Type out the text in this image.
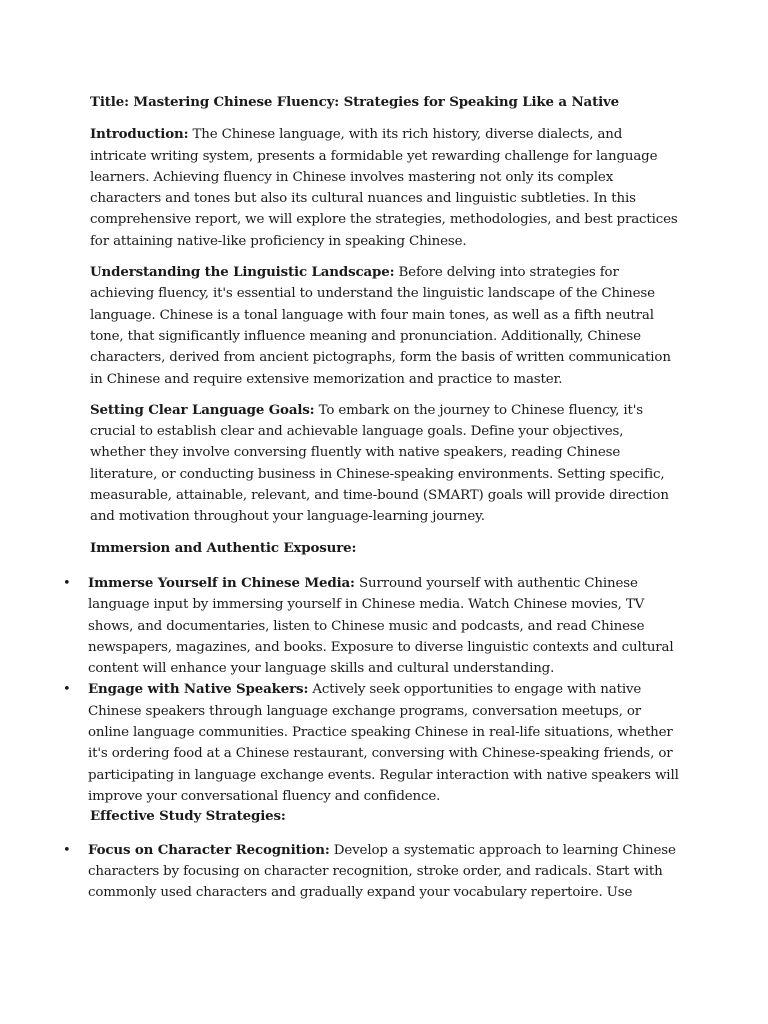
Title: Mastering Chinese Fluency: Strategies for Speaking Like a Native

Introduction: The Chinese language, with its rich history, diverse dialects, and intricate writing system, presents a formidable yet rewarding challenge for language learners. Achieving fluency in Chinese involves mastering not only its complex characters and tones but also its cultural nuances and linguistic subtleties. In this comprehensive report, we will explore the strategies, methodologies, and best practices for attaining native-like proficiency in speaking Chinese.

Understanding the Linguistic Landscape: Before delving into strategies for achieving fluency, it's essential to understand the linguistic landscape of the Chinese language. Chinese is a tonal language with four main tones, as well as a fifth neutral tone, that significantly influence meaning and pronunciation. Additionally, Chinese characters, derived from ancient pictographs, form the basis of written communication in Chinese and require extensive memorization and practice to master.

Setting Clear Language Goals: To embark on the journey to Chinese fluency, it's crucial to establish clear and achievable language goals. Define your objectives, whether they involve conversing fluently with native speakers, reading Chinese literature, or conducting business in Chinese-speaking environments. Setting specific, measurable, attainable, relevant, and time-bound (SMART) goals will provide direction and motivation throughout your language-learning journey.

Immersion and Authentic Exposure:

• Immerse Yourself in Chinese Media: Surround yourself with authentic Chinese language input by immersing yourself in Chinese media. Watch Chinese movies, TV shows, and documentaries, listen to Chinese music and podcasts, and read Chinese newspapers, magazines, and books. Exposure to diverse linguistic contexts and cultural content will enhance your language skills and cultural understanding.
• Engage with Native Speakers: Actively seek opportunities to engage with native Chinese speakers through language exchange programs, conversation meetups, or online language communities. Practice speaking Chinese in real-life situations, whether it's ordering food at a Chinese restaurant, conversing with Chinese-speaking friends, or participating in language exchange events. Regular interaction with native speakers will improve your conversational fluency and confidence.

Effective Study Strategies:

• Focus on Character Recognition: Develop a systematic approach to learning Chinese characters by focusing on character recognition, stroke order, and radicals. Start with commonly used characters and gradually expand your vocabulary repertoire. Use
